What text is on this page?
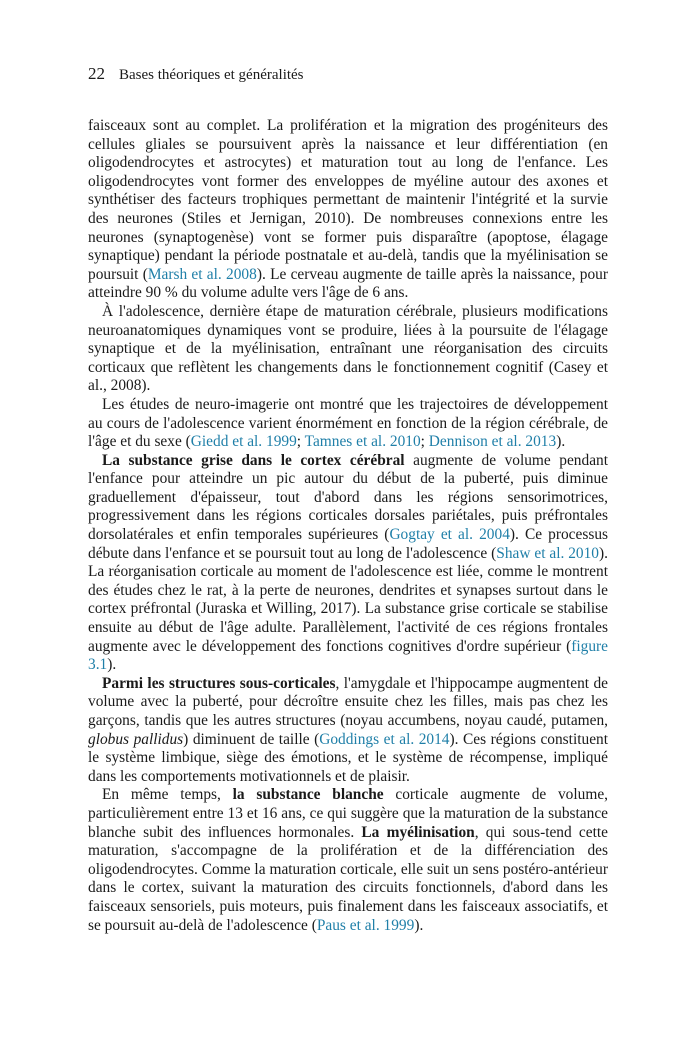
22 Bases théoriques et généralités

faisceaux sont au complet. La prolifération et la migration des progéniteurs des cellules gliales se poursuivent après la naissance et leur différentiation (en oligodendrocytes et astrocytes) et maturation tout au long de l'enfance. Les oligodendrocytes vont former des enveloppes de myéline autour des axones et synthétiser des facteurs trophiques permettant de maintenir l'intégrité et la survie des neurones (Stiles et Jernigan, 2010). De nombreuses connexions entre les neurones (synaptogenèse) vont se former puis disparaître (apoptose, élagage synaptique) pendant la période postnatale et au-delà, tandis que la myélinisation se poursuit (Marsh et al. 2008). Le cerveau augmente de taille après la naissance, pour atteindre 90 % du volume adulte vers l'âge de 6 ans.

À l'adolescence, dernière étape de maturation cérébrale, plusieurs modifications neuroanatomiques dynamiques vont se produire, liées à la poursuite de l'élagage synaptique et de la myélinisation, entraînant une réorganisation des circuits corticaux que reflètent les changements dans le fonctionnement cognitif (Casey et al., 2008).

Les études de neuro-imagerie ont montré que les trajectoires de développement au cours de l'adolescence varient énormément en fonction de la région cérébrale, de l'âge et du sexe (Giedd et al. 1999; Tamnes et al. 2010; Dennison et al. 2013).

La substance grise dans le cortex cérébral augmente de volume pendant l'enfance pour atteindre un pic autour du début de la puberté, puis diminue graduellement d'épaisseur, tout d'abord dans les régions sensorimotrices, progressivement dans les régions corticales dorsales pariétales, puis préfrontales dorsolatérales et enfin temporales supérieures (Gogtay et al. 2004). Ce processus débute dans l'enfance et se poursuit tout au long de l'adolescence (Shaw et al. 2010). La réorganisation corticale au moment de l'adolescence est liée, comme le montrent des études chez le rat, à la perte de neurones, dendrites et synapses surtout dans le cortex préfrontal (Juraska et Willing, 2017). La substance grise corticale se stabilise ensuite au début de l'âge adulte. Parallèlement, l'activité de ces régions frontales augmente avec le développement des fonctions cognitives d'ordre supérieur (figure 3.1).

Parmi les structures sous-corticales, l'amygdale et l'hippocampe augmentent de volume avec la puberté, pour décroître ensuite chez les filles, mais pas chez les garçons, tandis que les autres structures (noyau accumbens, noyau caudé, putamen, globus pallidus) diminuent de taille (Goddings et al. 2014). Ces régions constituent le système limbique, siège des émotions, et le système de récompense, impliqué dans les comportements motivationnels et de plaisir.

En même temps, la substance blanche corticale augmente de volume, particulièrement entre 13 et 16 ans, ce qui suggère que la maturation de la substance blanche subit des influences hormonales. La myélinisation, qui sous-tend cette maturation, s'accompagne de la prolifération et de la différenciation des oligodendrocytes. Comme la maturation corticale, elle suit un sens postéro-antérieur dans le cortex, suivant la maturation des circuits fonctionnels, d'abord dans les faisceaux sensoriels, puis moteurs, puis finalement dans les faisceaux associatifs, et se poursuit au-delà de l'adolescence (Paus et al. 1999).
